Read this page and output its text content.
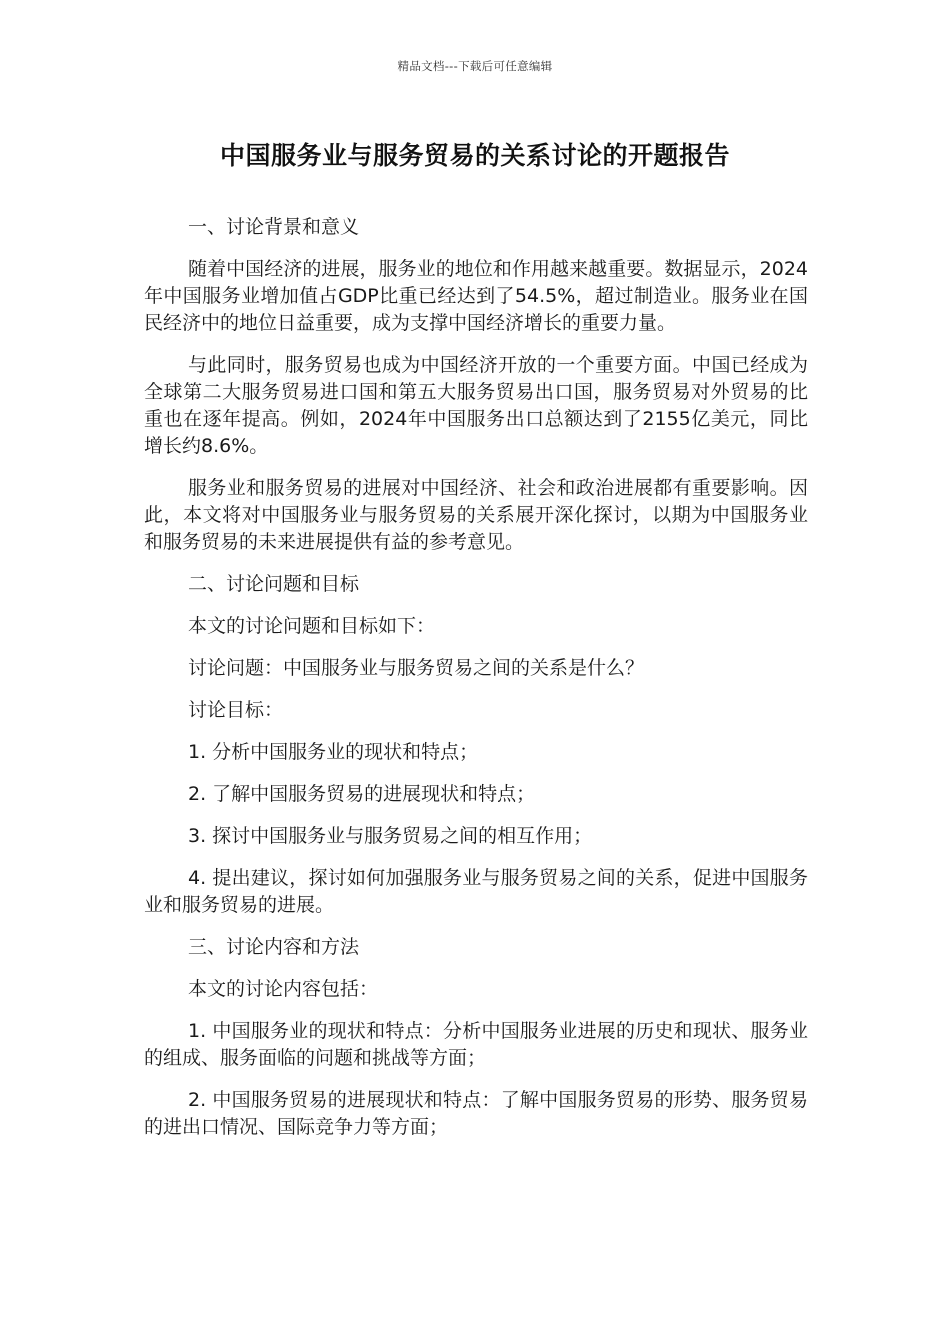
精品文档---下载后可任意编辑
中国服务业与服务贸易的关系讨论的开题报告

一、讨论背景和意义

随着中国经济的进展，服务业的地位和作用越来越重要。数据显示，2024年中国服务业增加值占GDP比重已经达到了54.5%，超过制造业。服务业在国民经济中的地位日益重要，成为支撑中国经济增长的重要力量。

与此同时，服务贸易也成为中国经济开放的一个重要方面。中国已经成为全球第二大服务贸易进口国和第五大服务贸易出口国，服务贸易对外贸易的比重也在逐年提高。例如，2024年中国服务出口总额达到了2155亿美元，同比增长约8.6%。

服务业和服务贸易的进展对中国经济、社会和政治进展都有重要影响。因此，本文将对中国服务业与服务贸易的关系展开深化探讨，以期为中国服务业和服务贸易的未来进展提供有益的参考意见。

二、讨论问题和目标

本文的讨论问题和目标如下：

讨论问题：中国服务业与服务贸易之间的关系是什么？

讨论目标：

1. 分析中国服务业的现状和特点；

2. 了解中国服务贸易的进展现状和特点；

3. 探讨中国服务业与服务贸易之间的相互作用；

4. 提出建议，探讨如何加强服务业与服务贸易之间的关系，促进中国服务业和服务贸易的进展。

三、讨论内容和方法

本文的讨论内容包括：

1. 中国服务业的现状和特点：分析中国服务业进展的历史和现状、服务业的组成、服务面临的问题和挑战等方面；

2. 中国服务贸易的进展现状和特点：了解中国服务贸易的形势、服务贸易的进出口情况、国际竞争力等方面；
